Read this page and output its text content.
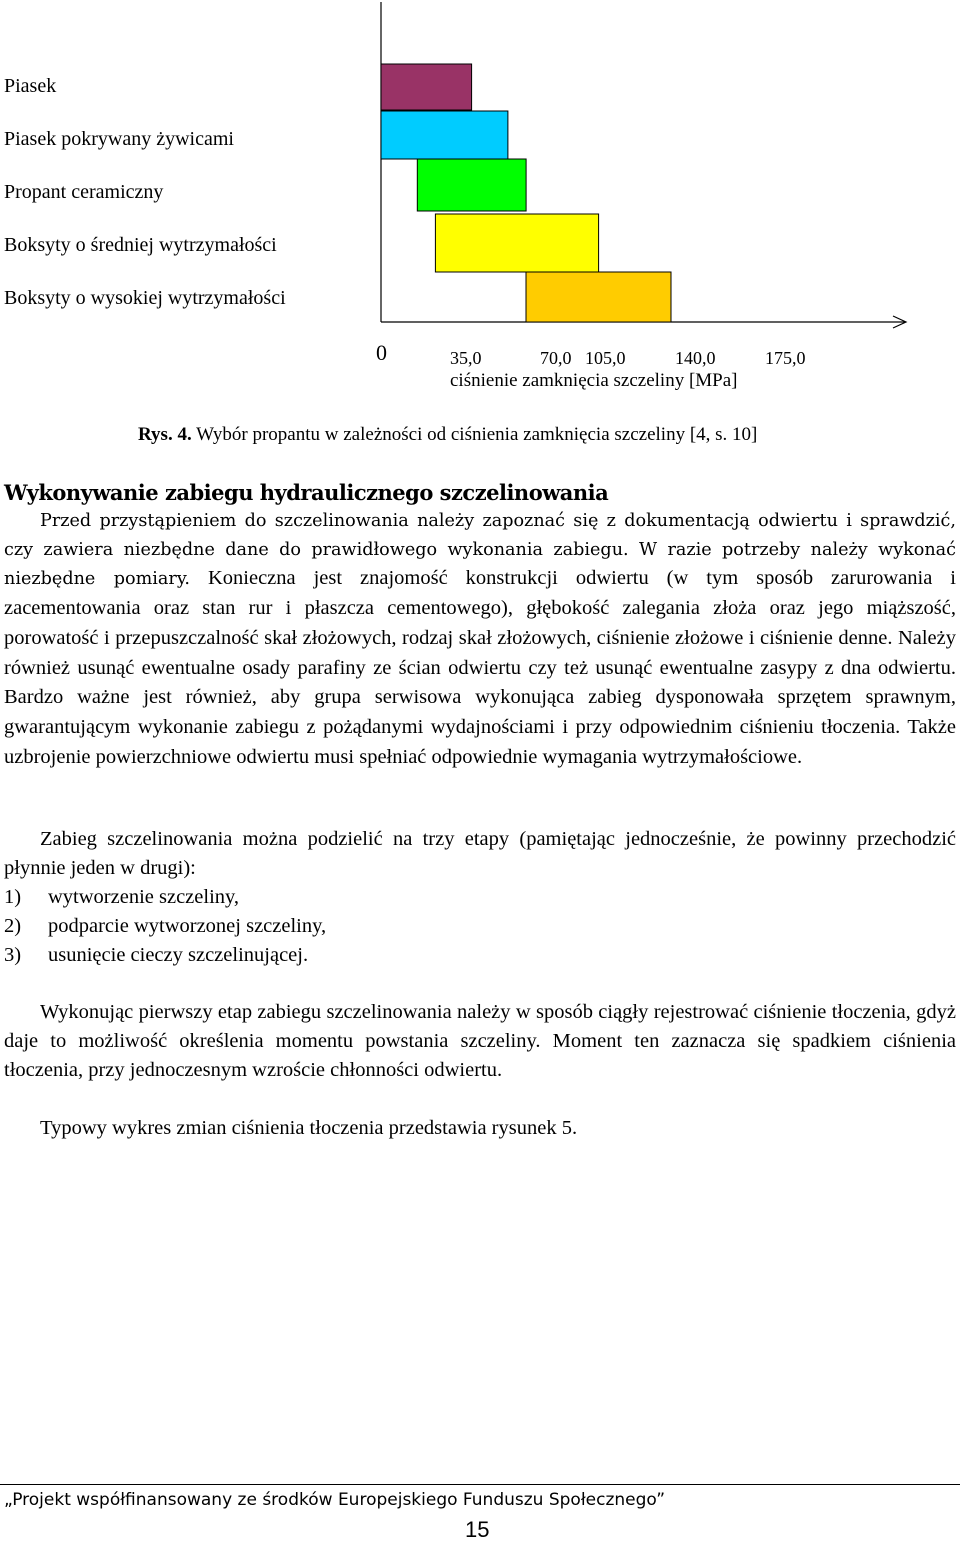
Piasek
Piasek pokrywany żywicami
Propant ceramiczny
Boksyty o średniej wytrzymałości
Boksyty o wysokiej wytrzymałości
0	35,0	70,0 105,0	140,0	175,0
ciśnienie zamknięcia szczeliny [MPa]
Rys. 4. Wybór propantu w zależności od ciśnienia zamknięcia szczeliny [4, s. 10]
Wykonywanie zabiegu hydraulicznego szczelinowania
Przed przystąpieniem do szczelinowania należy zapoznać się z dokumentacją odwiertu i sprawdzić, czy zawiera niezbędne dane do prawidłowego wykonania zabiegu. W razie potrzeby należy wykonać niezbędne pomiary. Konieczna jest znajomość konstrukcji odwiertu (w tym sposób zarurowania i zacementowania oraz stan rur i płaszcza cementowego), głębokość zalegania złoża oraz jego miąższość, porowatość i przepuszczalność skał złożowych, rodzaj skał złożowych, ciśnienie złożowe i ciśnienie denne. Należy również usunąć ewentualne osady parafiny ze ścian odwiertu czy też usunąć ewentualne zasypy z dna odwiertu. Bardzo ważne jest również, aby grupa serwisowa wykonująca zabieg dysponowała sprzętem sprawnym, gwarantującym wykonanie zabiegu z pożądanymi wydajnościami i przy odpowiednim ciśnieniu tłoczenia. Także uzbrojenie powierzchniowe odwiertu musi spełniać odpowiednie wymagania wytrzymałościowe.
Zabieg szczelinowania można podzielić na trzy etapy (pamiętając jednocześnie, że powinny przechodzić płynnie jeden w drugi):
1) wytworzenie szczeliny,
2) podparcie wytworzonej szczeliny,
3) usunięcie cieczy szczelinującej.
Wykonując pierwszy etap zabiegu szczelinowania należy w sposób ciągły rejestrować ciśnienie tłoczenia, gdyż daje to możliwość określenia momentu powstania szczeliny. Moment ten zaznacza się spadkiem ciśnienia tłoczenia, przy jednoczesnym wzroście chłonności odwiertu.
Typowy wykres zmian ciśnienia tłoczenia przedstawia rysunek 5.
„Projekt współfinansowany ze środków Europejskiego Funduszu Społecznego”
15
